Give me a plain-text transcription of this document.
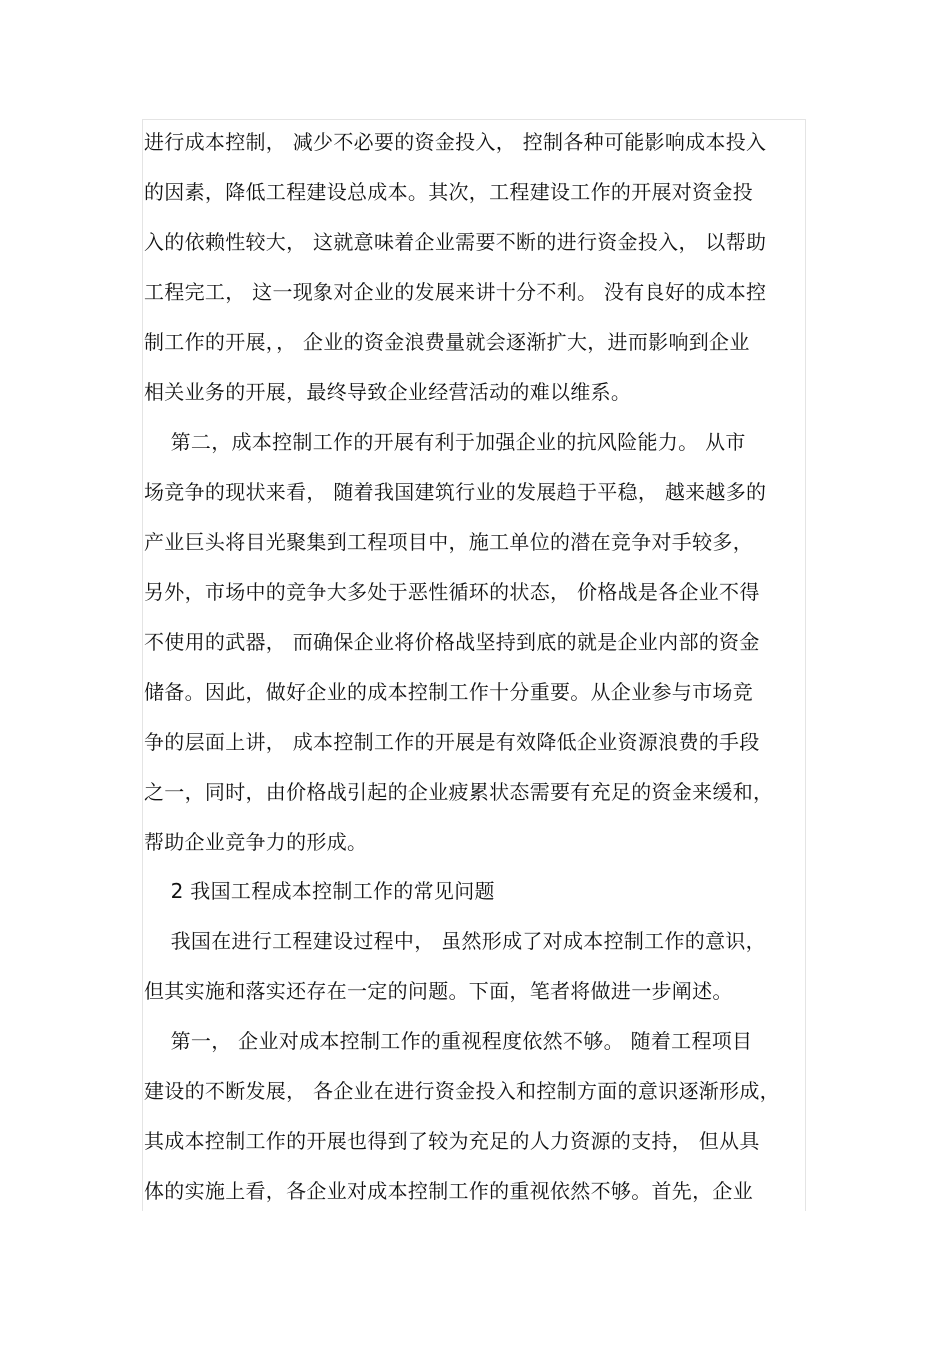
进行成本控制， 减少不必要的资金投入， 控制各种可能影响成本投入
的因素，降低工程建设总成本。其次，工程建设工作的开展对资金投
入的依赖性较大， 这就意味着企业需要不断的进行资金投入， 以帮助
工程完工， 这一现象对企业的发展来讲十分不利。 没有良好的成本控
制工作的开展，， 企业的资金浪费量就会逐渐扩大，进而影响到企业
相关业务的开展，最终导致企业经营活动的难以维系。
第二，成本控制工作的开展有利于加强企业的抗风险能力。 从市
场竞争的现状来看， 随着我国建筑行业的发展趋于平稳， 越来越多的
产业巨头将目光聚集到工程项目中，施工单位的潜在竞争对手较多，
另外，市场中的竞争大多处于恶性循环的状态， 价格战是各企业不得
不使用的武器， 而确保企业将价格战坚持到底的就是企业内部的资金
储备。因此，做好企业的成本控制工作十分重要。从企业参与市场竞
争的层面上讲， 成本控制工作的开展是有效降低企业资源浪费的手段
之一，同时，由价格战引起的企业疲累状态需要有充足的资金来缓和，
帮助企业竞争力的形成。
2 我国工程成本控制工作的常见问题
我国在进行工程建设过程中， 虽然形成了对成本控制工作的意识，
但其实施和落实还存在一定的问题。下面，笔者将做进一步阐述。
第一， 企业对成本控制工作的重视程度依然不够。 随着工程项目
建设的不断发展， 各企业在进行资金投入和控制方面的意识逐渐形成，
其成本控制工作的开展也得到了较为充足的人力资源的支持， 但从具
体的实施上看，各企业对成本控制工作的重视依然不够。首先，企业
